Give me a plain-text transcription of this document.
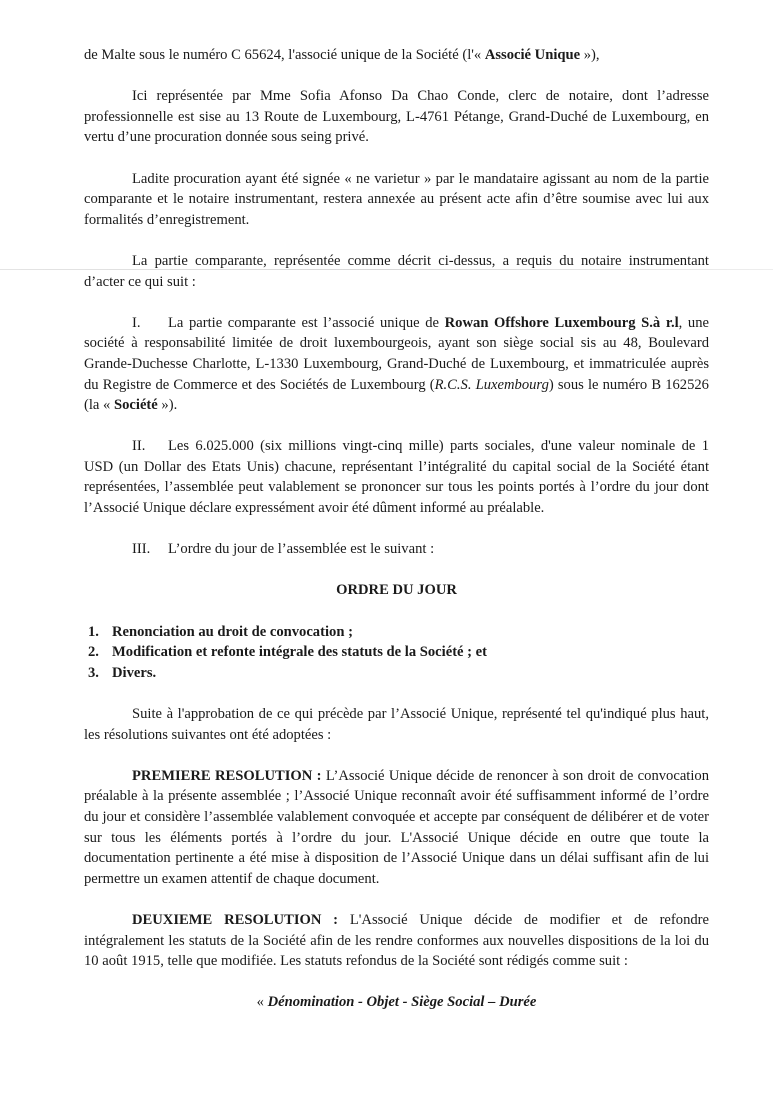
de Malte sous le numéro C 65624, l'associé unique de la Société (l'« Associé Unique »),

Ici représentée par Mme Sofia Afonso Da Chao Conde, clerc de notaire, dont l’adresse professionnelle est sise au 13 Route de Luxembourg, L-4761 Pétange, Grand-Duché de Luxembourg, en vertu d’une procuration donnée sous seing privé.

Ladite procuration ayant été signée « ne varietur » par le mandataire agissant au nom de la partie comparante et le notaire instrumentant, restera annexée au présent acte afin d’être soumise avec lui aux formalités d’enregistrement.

La partie comparante, représentée comme décrit ci-dessus, a requis du notaire instrumentant d’acter ce qui suit :

I. La partie comparante est l’associé unique de Rowan Offshore Luxembourg S.à r.l, une société à responsabilité limitée de droit luxembourgeois, ayant son siège social sis au 48, Boulevard Grande-Duchesse Charlotte, L-1330 Luxembourg, Grand-Duché de Luxembourg, et immatriculée auprès du Registre de Commerce et des Sociétés de Luxembourg (R.C.S. Luxembourg) sous le numéro B 162526 (la « Société »).

II. Les 6.025.000 (six millions vingt-cinq mille) parts sociales, d'une valeur nominale de 1 USD (un Dollar des Etats Unis) chacune, représentant l’intégralité du capital social de la Société étant représentées, l’assemblée peut valablement se prononcer sur tous les points portés à l’ordre du jour dont l’Associé Unique déclare expressément avoir été dûment informé au préalable.

III. L’ordre du jour de l’assemblée est le suivant :

ORDRE DU JOUR

1. Renonciation au droit de convocation ;
2. Modification et refonte intégrale des statuts de la Société ; et
3. Divers.

Suite à l'approbation de ce qui précède par l’Associé Unique, représenté tel qu'indiqué plus haut, les résolutions suivantes ont été adoptées :

PREMIERE RESOLUTION : L’Associé Unique décide de renoncer à son droit de convocation préalable à la présente assemblée ; l’Associé Unique reconnaît avoir été suffisamment informé de l’ordre du jour et considère l’assemblée valablement convoquée et accepte par conséquent de délibérer et de voter sur tous les éléments portés à l’ordre du jour. L'Associé Unique décide en outre que toute la documentation pertinente a été mise à disposition de l’Associé Unique dans un délai suffisant afin de lui permettre un examen attentif de chaque document.

DEUXIEME RESOLUTION : L'Associé Unique décide de modifier et de refondre intégralement les statuts de la Société afin de les rendre conformes aux nouvelles dispositions de la loi du 10 août 1915, telle que modifiée. Les statuts refondus de la Société sont rédigés comme suit :

« Dénomination - Objet - Siège Social – Durée
